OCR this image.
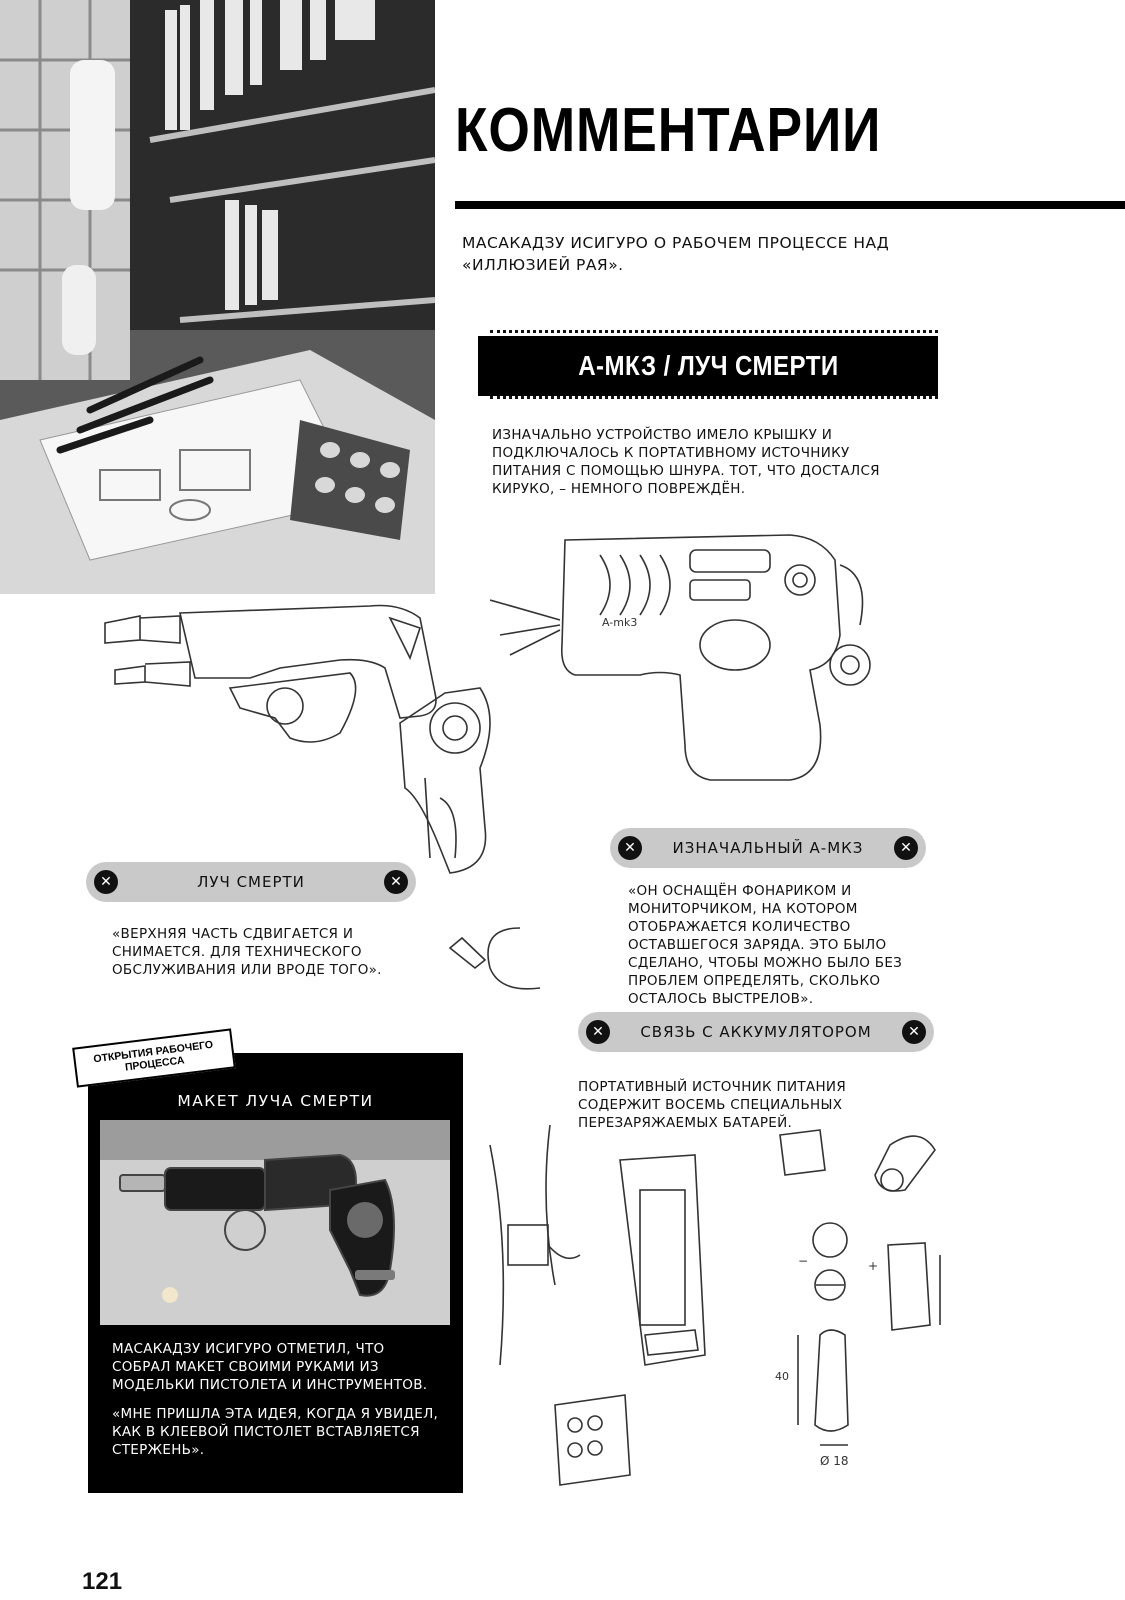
КОММЕНТАРИИ
МАСАКАДЗУ ИСИГУРО О РАБОЧЕМ ПРОЦЕССЕ НАД «ИЛЛЮЗИЕЙ РАЯ».
А-МКЗ / ЛУЧ СМЕРТИ
ИЗНАЧАЛЬНО УСТРОЙСТВО ИМЕЛО КРЫШКУ И ПОДКЛЮЧАЛОСЬ К ПОРТАТИВНОМУ ИСТОЧНИКУ ПИТАНИЯ С ПОМОЩЬЮ ШНУРА. ТОТ, ЧТО ДОСТАЛСЯ КИРУКО, – НЕМНОГО ПОВРЕЖДЁН.
A-mk3
✕	ИЗНАЧАЛЬНЫЙ А-МКЗ	✕
«ОН ОСНАЩЁН ФОНАРИКОМ И МОНИТОРЧИКОМ, НА КОТОРОМ ОТОБРАЖАЕТСЯ КОЛИЧЕСТВО ОСТАВШЕГОСЯ ЗАРЯДА. ЭТО БЫЛО СДЕЛАНО, ЧТОБЫ МОЖНО БЫЛО БЕЗ ПРОБЛЕМ ОПРЕДЕЛЯТЬ, СКОЛЬКО ОСТАЛОСЬ ВЫСТРЕЛОВ».
✕	ЛУЧ СМЕРТИ	✕
«ВЕРХНЯЯ ЧАСТЬ СДВИГАЕТСЯ И СНИМАЕТСЯ. ДЛЯ ТЕХНИЧЕСКОГО ОБСЛУЖИВАНИЯ ИЛИ ВРОДЕ ТОГО».
✕	СВЯЗЬ С АККУМУЛЯТОРОМ	✕
ПОРТАТИВНЫЙ ИСТОЧНИК ПИТАНИЯ СОДЕРЖИТ ВОСЕМЬ СПЕЦИАЛЬНЫХ ПЕРЕЗАРЯЖАЕМЫХ БАТАРЕЙ.
40
Ø 18
+
−
ОТКРЫТИЯ РАБОЧЕГО ПРОЦЕССА
МАКЕТ ЛУЧА СМЕРТИ
МАСАКАДЗУ ИСИГУРО ОТМЕТИЛ, ЧТО СОБРАЛ МАКЕТ СВОИМИ РУКАМИ ИЗ МОДЕЛЬКИ ПИСТОЛЕТА И ИНСТРУМЕНТОВ.
«МНЕ ПРИШЛА ЭТА ИДЕЯ, КОГДА Я УВИДЕЛ, КАК В КЛЕЕВОЙ ПИСТОЛЕТ ВСТАВЛЯЕТСЯ СТЕРЖЕНЬ».
121
